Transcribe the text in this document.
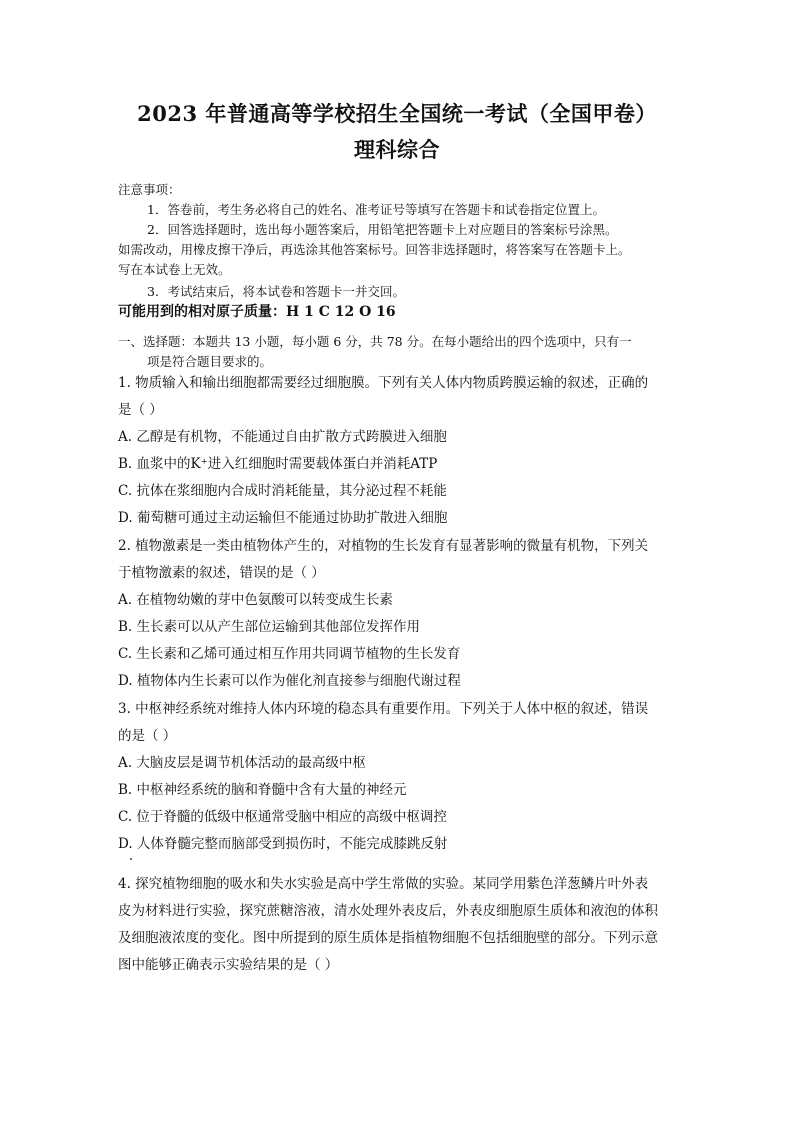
2023 年普通高等学校招生全国统一考试（全国甲卷）
理科综合
注意事项：
1．答卷前，考生务必将自己的姓名、准考证号等填写在答题卡和试卷指定位置上。
2．回答选择题时，选出每小题答案后，用铅笔把答题卡上对应题目的答案标号涂黑。
如需改动，用橡皮擦干净后，再选涂其他答案标号。回答非选择题时，将答案写在答题卡上。
写在本试卷上无效。
3．考试结束后，将本试卷和答题卡一并交回。
可能用到的相对原子质量：H 1 C 12 O 16
一、选择题：本题共 13 小题，每小题 6 分，共 78 分。在每小题给出的四个选项中，只有一
项是符合题目要求的。
1. 物质输入和输出细胞都需要经过细胞膜。下列有关人体内物质跨膜运输的叙述，正确的
是（ ）
A. 乙醇是有机物，不能通过自由扩散方式跨膜进入细胞
B. 血浆中的K⁺进入红细胞时需要载体蛋白并消耗ATP
C. 抗体在浆细胞内合成时消耗能量，其分泌过程不耗能
D. 葡萄糖可通过主动运输但不能通过协助扩散进入细胞
2. 植物激素是一类由植物体产生的，对植物的生长发育有显著影响的微量有机物，下列关
于植物激素的叙述，错误的是（ ）
A. 在植物幼嫩的芽中色氨酸可以转变成生长素
B. 生长素可以从产生部位运输到其他部位发挥作用
C. 生长素和乙烯可通过相互作用共同调节植物的生长发育
D. 植物体内生长素可以作为催化剂直接参与细胞代谢过程
3. 中枢神经系统对维持人体内环境的稳态具有重要作用。下列关于人体中枢的叙述，错误
的是（ ）
A. 大脑皮层是调节机体活动的最高级中枢
B. 中枢神经系统的脑和脊髓中含有大量的神经元
C. 位于脊髓的低级中枢通常受脑中相应的高级中枢调控
D. 人体脊髓完整而脑部受到损伤时，不能完成膝跳反射
4. 探究植物细胞的吸水和失水实验是高中学生常做的实验。某同学用紫色洋葱鳞片叶外表
皮为材料进行实验，探究蔗糖溶液，清水处理外表皮后，外表皮细胞原生质体和液泡的体积
及细胞液浓度的变化。图中所提到的原生质体是指植物细胞不包括细胞壁的部分。下列示意
图中能够正确表示实验结果的是（ ）
